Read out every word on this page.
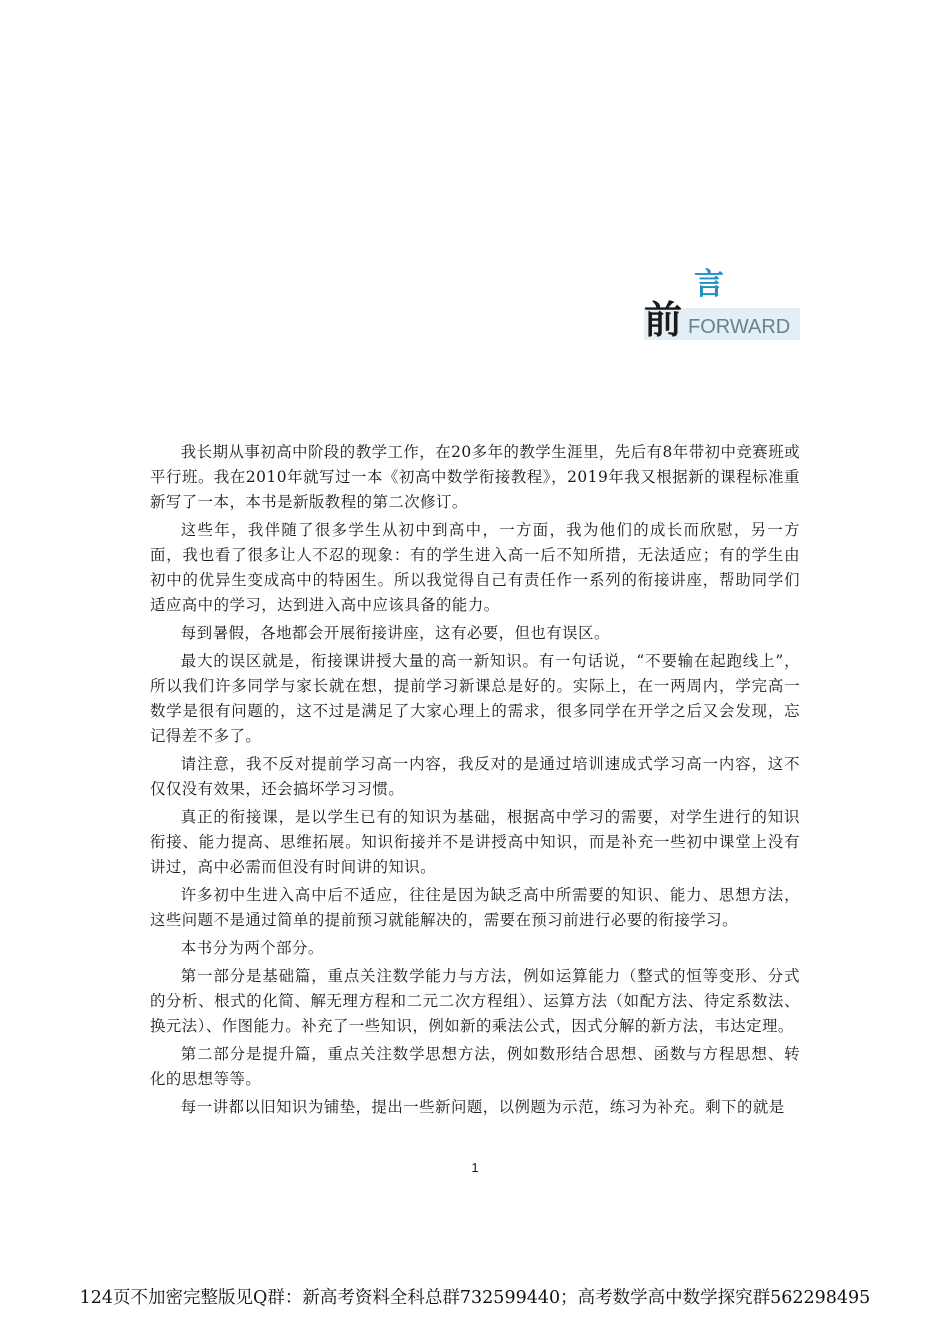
言
前 FORWARD

我长期从事初高中阶段的教学工作，在20多年的教学生涯里，先后有8年带初中竞赛班或平行班。我在2010年就写过一本《初高中数学衔接教程》，2019年我又根据新的课程标准重新写了一本，本书是新版教程的第二次修订。

这些年，我伴随了很多学生从初中到高中，一方面，我为他们的成长而欣慰，另一方面，我也看了很多让人不忍的现象：有的学生进入高一后不知所措，无法适应；有的学生由初中的优异生变成高中的特困生。所以我觉得自己有责任作一系列的衔接讲座，帮助同学们适应高中的学习，达到进入高中应该具备的能力。

每到暑假，各地都会开展衔接讲座，这有必要，但也有误区。

最大的误区就是，衔接课讲授大量的高一新知识。有一句话说，“不要输在起跑线上”，所以我们许多同学与家长就在想，提前学习新课总是好的。实际上，在一两周内，学完高一数学是很有问题的，这不过是满足了大家心理上的需求，很多同学在开学之后又会发现，忘记得差不多了。

请注意，我不反对提前学习高一内容，我反对的是通过培训速成式学习高一内容，这不仅仅没有效果，还会搞坏学习习惯。

真正的衔接课，是以学生已有的知识为基础，根据高中学习的需要，对学生进行的知识衔接、能力提高、思维拓展。知识衔接并不是讲授高中知识，而是补充一些初中课堂上没有讲过，高中必需而但没有时间讲的知识。

许多初中生进入高中后不适应，往往是因为缺乏高中所需要的知识、能力、思想方法，这些问题不是通过简单的提前预习就能解决的，需要在预习前进行必要的衔接学习。

本书分为两个部分。

第一部分是基础篇，重点关注数学能力与方法，例如运算能力（整式的恒等变形、分式的分析、根式的化简、解无理方程和二元二次方程组）、运算方法（如配方法、待定系数法、换元法）、作图能力。补充了一些知识，例如新的乘法公式，因式分解的新方法，韦达定理。

第二部分是提升篇，重点关注数学思想方法，例如数形结合思想、函数与方程思想、转化的思想等等。

每一讲都以旧知识为铺垫，提出一些新问题，以例题为示范，练习为补充。剩下的就是

1
124页不加密完整版见Q群：新高考资料全科总群732599440；高考数学高中数学探究群562298495
